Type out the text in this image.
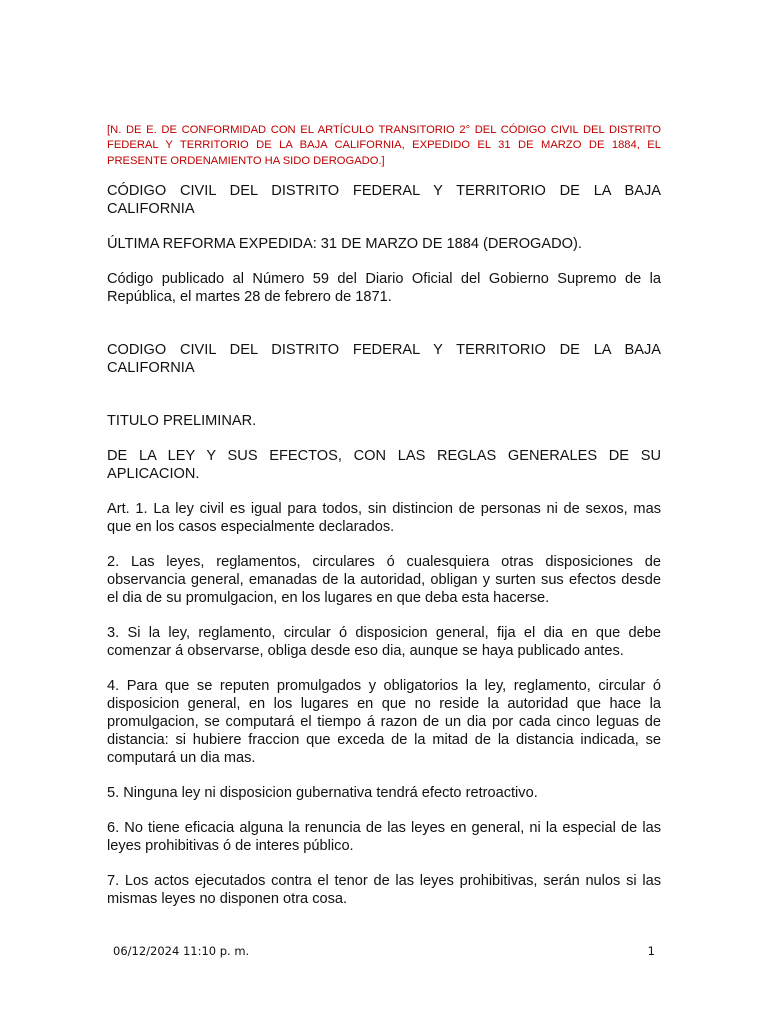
[N. DE E. DE CONFORMIDAD CON EL ARTÍCULO TRANSITORIO 2° DEL CÓDIGO CIVIL DEL DISTRITO FEDERAL Y TERRITORIO DE LA BAJA CALIFORNIA, EXPEDIDO EL 31 DE MARZO DE 1884, EL PRESENTE ORDENAMIENTO HA SIDO DEROGADO.]

CÓDIGO CIVIL DEL DISTRITO FEDERAL Y TERRITORIO DE LA BAJA CALIFORNIA

ÚLTIMA REFORMA EXPEDIDA: 31 DE MARZO DE 1884 (DEROGADO).

Código publicado al Número 59 del Diario Oficial del Gobierno Supremo de la República, el martes 28 de febrero de 1871.

CODIGO CIVIL DEL DISTRITO FEDERAL Y TERRITORIO DE LA BAJA CALIFORNIA

TITULO PRELIMINAR.

DE LA LEY Y SUS EFECTOS, CON LAS REGLAS GENERALES DE SU APLICACION.

Art. 1. La ley civil es igual para todos, sin distincion de personas ni de sexos, mas que en los casos especialmente declarados.

2. Las leyes, reglamentos, circulares ó cualesquiera otras disposiciones de observancia general, emanadas de la autoridad, obligan y surten sus efectos desde el dia de su promulgacion, en los lugares en que deba esta hacerse.

3. Si la ley, reglamento, circular ó disposicion general, fija el dia en que debe comenzar á observarse, obliga desde eso dia, aunque se haya publicado antes.

4. Para que se reputen promulgados y obligatorios la ley, reglamento, circular ó disposicion general, en los lugares en que no reside la autoridad que hace la promulgacion, se computará el tiempo á razon de un dia por cada cinco leguas de distancia: si hubiere fraccion que exceda de la mitad de la distancia indicada, se computará un dia mas.

5. Ninguna ley ni disposicion gubernativa tendrá efecto retroactivo.

6. No tiene eficacia alguna la renuncia de las leyes en general, ni la especial de las leyes prohibitivas ó de interes público.

7. Los actos ejecutados contra el tenor de las leyes prohibitivas, serán nulos si las mismas leyes no disponen otra cosa.

06/12/2024 11:10 p. m.	1
